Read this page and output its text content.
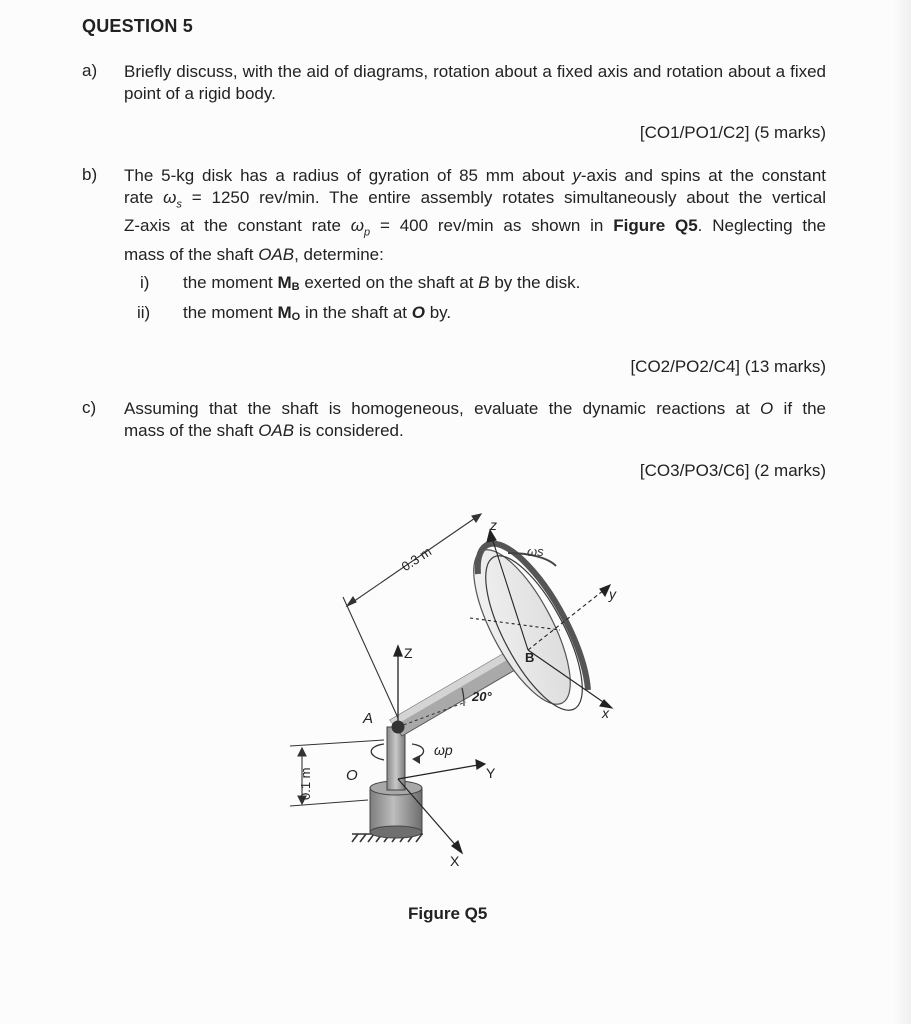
QUESTION 5
a) Briefly discuss, with the aid of diagrams, rotation about a fixed axis and rotation about a fixed point of a rigid body.
[CO1/PO1/C2] (5 marks)
b) The 5-kg disk has a radius of gyration of 85 mm about y-axis and spins at the constant
rate $\omega_s = 1250$ rev/min. The entire assembly rotates simultaneously about the vertical
Z-axis at the constant rate $\omega_p = 400$ rev/min as shown in Figure Q5. Neglecting the
mass of the shaft OAB, determine:
i) the moment MB exerted on the shaft at B by the disk.
ii) the moment MO in the shaft at O by.
[CO2/PO2/C4] (13 marks)
c) Assuming that the shaft is homogeneous, evaluate the dynamic reactions at O if the
mass of the shaft OAB is considered.
[CO3/PO3/C6] (2 marks)
0.3 m
0.1 m
20°
z
Z
y
x
Y
X
A
O
B
ωs
ωp
Figure Q5
